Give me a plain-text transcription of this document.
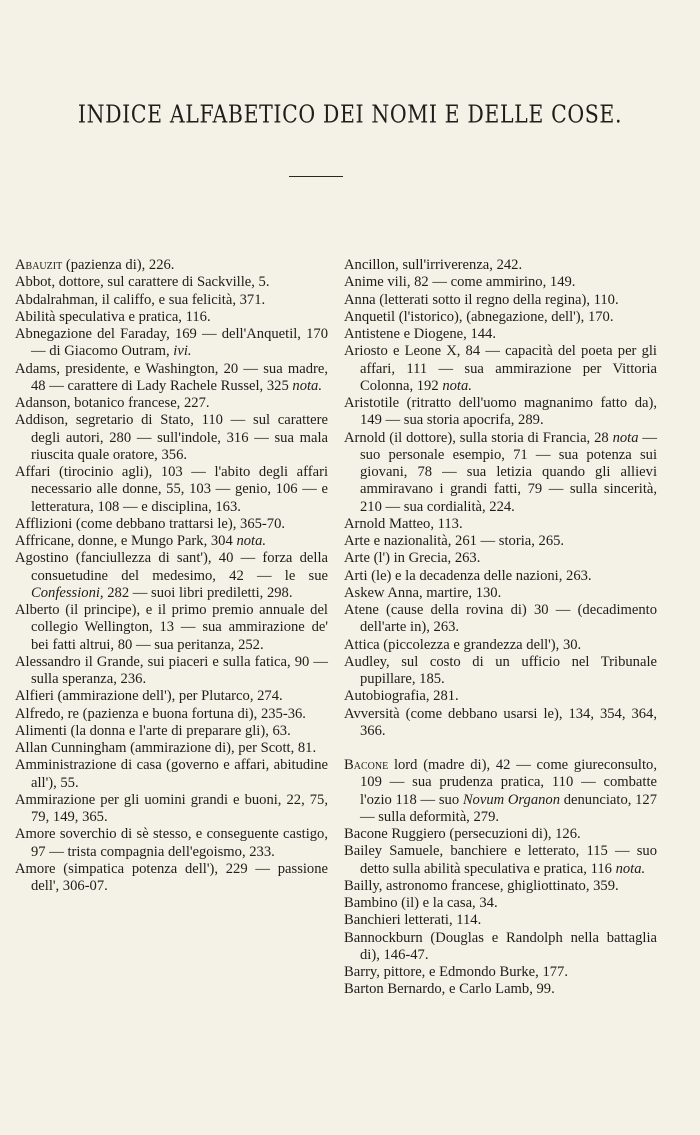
INDICE ALFABETICO DEI NOMI E DELLE COSE.

Abauzit (pazienza di), 226.

Abbot, dottore, sul carattere di Sackville, 5.

Abdalrahman, il califfo, e sua felicità, 371.

Abilità speculativa e pratica, 116.

Abnegazione del Faraday, 169 — dell'Anquetil, 170 — di Giacomo Outram, ivi.

Adams, presidente, e Washington, 20 — sua madre, 48 — carattere di Lady Rachele Russel, 325 nota.

Adanson, botanico francese, 227.

Addison, segretario di Stato, 110 — sul carattere degli autori, 280 — sull'indole, 316 — sua mala riuscita quale oratore, 356.

Affari (tirocinio agli), 103 — l'abito degli affari necessario alle donne, 55, 103 — genio, 106 — e letteratura, 108 — e disciplina, 163.

Afflizioni (come debbano trattarsi le), 365-70.

Affricane, donne, e Mungo Park, 304 nota.

Agostino (fanciullezza di sant'), 40 — forza della consuetudine del medesimo, 42 — le sue Confessioni, 282 — suoi libri prediletti, 298.

Alberto (il principe), e il primo premio annuale del collegio Wellington, 13 — sua ammirazione de' bei fatti altrui, 80 — sua peritanza, 252.

Alessandro il Grande, sui piaceri e sulla fatica, 90 — sulla speranza, 236.

Alfieri (ammirazione dell'), per Plutarco, 274.

Alfredo, re (pazienza e buona fortuna di), 235-36.

Alimenti (la donna e l'arte di preparare gli), 63.

Allan Cunningham (ammirazione di), per Scott, 81.

Amministrazione di casa (governo e affari, abitudine all'), 55.

Ammirazione per gli uomini grandi e buoni, 22, 75, 79, 149, 365.

Amore soverchio di sè stesso, e conseguente castigo, 97 — trista compagnia dell'egoismo, 233.

Amore (simpatica potenza dell'), 229 — passione dell', 306-07.

Ancillon, sull'irriverenza, 242.

Anime vili, 82 — come ammirino, 149.

Anna (letterati sotto il regno della regina), 110.

Anquetil (l'istorico), (abnegazione, dell'), 170.

Antistene e Diogene, 144.

Ariosto e Leone X, 84 — capacità del poeta per gli affari, 111 — sua ammirazione per Vittoria Colonna, 192 nota.

Aristotile (ritratto dell'uomo magnanimo fatto da), 149 — sua storia apocrifa, 289.

Arnold (il dottore), sulla storia di Francia, 28 nota — suo personale esempio, 71 — sua potenza sui giovani, 78 — sua letizia quando gli allievi ammiravano i grandi fatti, 79 — sulla sincerità, 210 — sua cordialità, 224.

Arnold Matteo, 113.

Arte e nazionalità, 261 — storia, 265.

Arte (l') in Grecia, 263.

Arti (le) e la decadenza delle nazioni, 263.

Askew Anna, martire, 130.

Atene (cause della rovina di) 30 — (decadimento dell'arte in), 263.

Attica (piccolezza e grandezza dell'), 30.

Audley, sul costo di un ufficio nel Tribunale pupillare, 185.

Autobiografia, 281.

Avversità (come debbano usarsi le), 134, 354, 364, 366.

Bacone lord (madre di), 42 — come giureconsulto, 109 — sua prudenza pratica, 110 — combatte l'ozio 118 — suo Novum Organon denunciato, 127 — sulla deformità, 279.

Bacone Ruggiero (persecuzioni di), 126.

Bailey Samuele, banchiere e letterato, 115 — suo detto sulla abilità speculativa e pratica, 116 nota.

Bailly, astronomo francese, ghigliottinato, 359.

Bambino (il) e la casa, 34.

Banchieri letterati, 114.

Bannockburn (Douglas e Randolph nella battaglia di), 146-47.

Barry, pittore, e Edmondo Burke, 177.

Barton Bernardo, e Carlo Lamb, 99.
